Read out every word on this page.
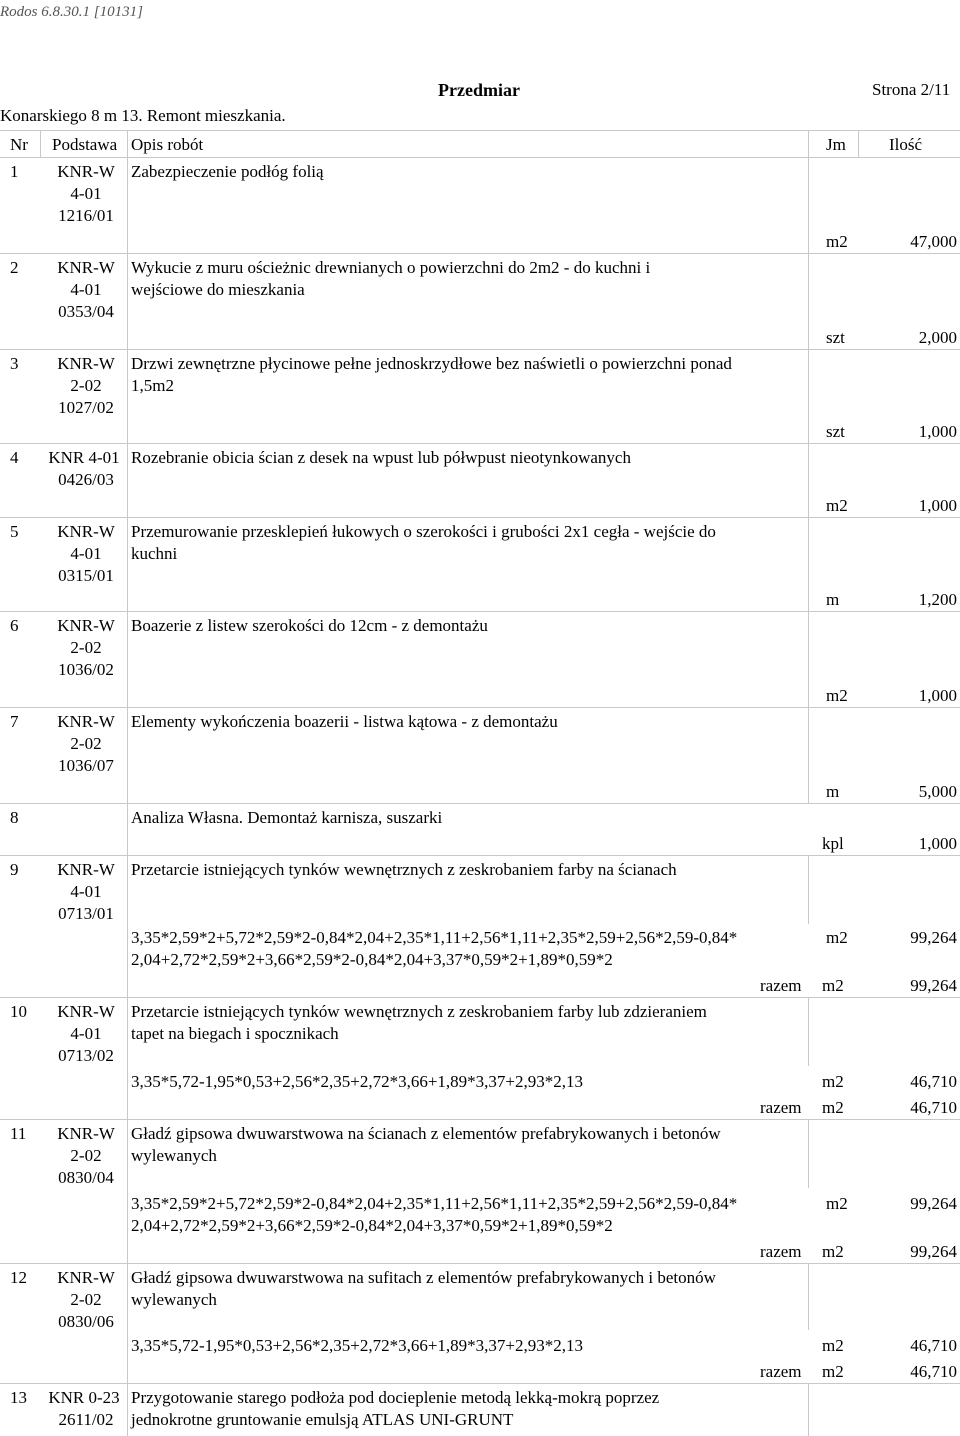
Rodos 6.8.30.1 [10131]
Przedmiar	Strona 2/11
Konarskiego 8 m 13. Remont mieszkania.
Nr Podstawa Opis robót	Jm	Ilość
1	KNR-W
4-01
1216/01
Zabezpieczenie podłóg folią
m2	47,000
2	KNR-W
4-01
0353/04
Wykucie z muru ościeżnic drewnianych o powierzchni do 2m2 - do kuchni i
wejściowe do mieszkania
szt	2,000
3	KNR-W
2-02
1027/02
Drzwi zewnętrzne płycinowe pełne jednoskrzydłowe bez naświetli o powierzchni ponad
1,5m2
szt	1,000
4	KNR 4-01
0426/03
Rozebranie obicia ścian z desek na wpust lub półwpust nieotynkowanych
m2	1,000
5	KNR-W
4-01
0315/01
Przemurowanie przesklepień łukowych o szerokości i grubości 2x1 cegła - wejście do
kuchni
m	1,200
6	KNR-W
2-02
1036/02
Boazerie z listew szerokości do 12cm - z demontażu
m2	1,000
7	KNR-W
2-02
1036/07
Elementy wykończenia boazerii - listwa kątowa - z demontażu
m	5,000
8	Analiza Własna. Demontaż karnisza, suszarki
kpl	1,000
9	KNR-W
4-01
0713/01
Przetarcie istniejących tynków wewnętrznych z zeskrobaniem farby na ścianach
3,35*2,59*2+5,72*2,59*2-0,84*2,04+2,35*1,11+2,56*1,11+2,35*2,59+2,56*2,59-0,84*
2,04+2,72*2,59*2+3,66*2,59*2-0,84*2,04+3,37*0,59*2+1,89*0,59*2
m2	99,264
razem m2	99,264
10	KNR-W
4-01
0713/02
Przetarcie istniejących tynków wewnętrznych z zeskrobaniem farby lub zdzieraniem
tapet na biegach i spocznikach
3,35*5,72-1,95*0,53+2,56*2,35+2,72*3,66+1,89*3,37+2,93*2,13	m2	46,710
razem m2	46,710
11	KNR-W
2-02
0830/04
Gładź gipsowa dwuwarstwowa na ścianach z elementów prefabrykowanych i betonów
wylewanych
3,35*2,59*2+5,72*2,59*2-0,84*2,04+2,35*1,11+2,56*1,11+2,35*2,59+2,56*2,59-0,84*
2,04+2,72*2,59*2+3,66*2,59*2-0,84*2,04+3,37*0,59*2+1,89*0,59*2
m2	99,264
razem m2	99,264
12	KNR-W
2-02
0830/06
Gładź gipsowa dwuwarstwowa na sufitach z elementów prefabrykowanych i betonów
wylewanych
3,35*5,72-1,95*0,53+2,56*2,35+2,72*3,66+1,89*3,37+2,93*2,13	m2	46,710
razem m2	46,710
13	KNR 0-23
2611/02
Przygotowanie starego podłoża pod docieplenie metodą lekką-mokrą poprzez
jednokrotne gruntowanie emulsją ATLAS UNI-GRUNT
